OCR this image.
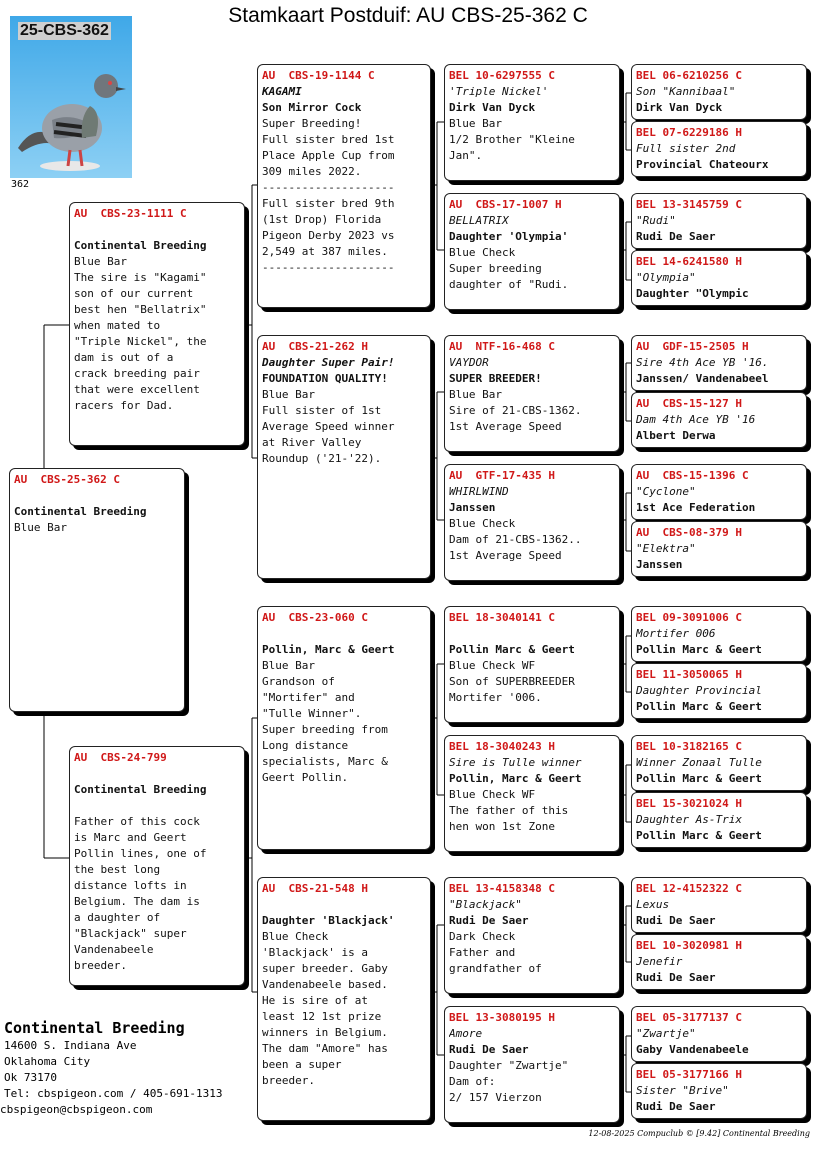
Stamkaart Postduif: AU CBS-25-362 C
25-CBS-362
362
AU  CBS-25-362 C

Continental Breeding
Blue Bar
AU  CBS-23-1111 C

Continental Breeding
Blue Bar
The sire is "Kagami"
son of our current
best hen "Bellatrix"
when mated to
"Triple Nickel", the
dam is out of a
crack breeding pair
that were excellent
racers for Dad.
AU  CBS-24-799

Continental Breeding

Father of this cock
is Marc and Geert
Pollin lines, one of
the best long
distance lofts in
Belgium. The dam is
a daughter of
"Blackjack" super
Vandenabeele
breeder.
AU  CBS-19-1144 C
KAGAMI
Son Mirror Cock
Super Breeding!
Full sister bred 1st
Place Apple Cup from
309 miles 2022.
--------------------
Full sister bred 9th
(1st Drop) Florida
Pigeon Derby 2023 vs
2,549 at 387 miles.
--------------------
AU  CBS-21-262 H
Daughter Super Pair!
FOUNDATION QUALITY!
Blue Bar
Full sister of 1st
Average Speed winner
at River Valley
Roundup ('21-'22).
AU  CBS-23-060 C

Pollin, Marc & Geert
Blue Bar
Grandson of
"Mortifer" and
"Tulle Winner".
Super breeding from
Long distance
specialists, Marc &
Geert Pollin.
AU  CBS-21-548 H

Daughter 'Blackjack'
Blue Check
'Blackjack' is a
super breeder. Gaby
Vandenabeele based.
He is sire of at
least 12 1st prize
winners in Belgium.
The dam "Amore" has
been a super
breeder.
BEL 10-6297555 C
'Triple Nickel'
Dirk Van Dyck
Blue Bar
1/2 Brother "Kleine
Jan".
AU  CBS-17-1007 H
BELLATRIX
Daughter 'Olympia'
Blue Check
Super breeding
daughter of "Rudi.
AU  NTF-16-468 C
VAYDOR
SUPER BREEDER!
Blue Bar
Sire of 21-CBS-1362.
1st Average Speed
AU  GTF-17-435 H
WHIRLWIND
Janssen
Blue Check
Dam of 21-CBS-1362..
1st Average Speed
BEL 18-3040141 C

Pollin Marc & Geert
Blue Check WF
Son of SUPERBREEDER
Mortifer '006.
BEL 18-3040243 H
Sire is Tulle winner
Pollin, Marc & Geert
Blue Check WF
The father of this
hen won 1st Zone
BEL 13-4158348 C
"Blackjack"
Rudi De Saer
Dark Check
Father and
grandfather of
BEL 13-3080195 H
Amore
Rudi De Saer
Daughter "Zwartje"
Dam of:
2/ 157 Vierzon
BEL 06-6210256 C
Son "Kannibaal"
Dirk Van Dyck
BEL 07-6229186 H
Full sister 2nd
Provincial Chateourx
BEL 13-3145759 C
"Rudi"
Rudi De Saer
BEL 14-6241580 H
"Olympia"
Daughter "Olympic
AU  GDF-15-2505 H
Sire 4th Ace YB '16.
Janssen/ Vandenabeel
AU  CBS-15-127 H
Dam 4th Ace YB '16
Albert Derwa
AU  CBS-15-1396 C
"Cyclone"
1st Ace Federation
AU  CBS-08-379 H
"Elektra"
Janssen
BEL 09-3091006 C
Mortifer 006
Pollin Marc & Geert
BEL 11-3050065 H
Daughter Provincial
Pollin Marc & Geert
BEL 10-3182165 C
Winner Zonaal Tulle
Pollin Marc & Geert
BEL 15-3021024 H
Daughter As-Trix
Pollin Marc & Geert
BEL 12-4152322 C
Lexus
Rudi De Saer
BEL 10-3020981 H
Jenefir
Rudi De Saer
BEL 05-3177137 C
"Zwartje"
Gaby Vandenabeele
BEL 05-3177166 H
Sister "Brive"
Rudi De Saer
Continental Breeding
14600 S. Indiana Ave
Oklahoma City
Ok 73170
Tel: cbspigeon.com / 405-691-1313
cbspigeon@cbspigeon.com
12-08-2025 Compuclub © [9.42] Continental Breeding
